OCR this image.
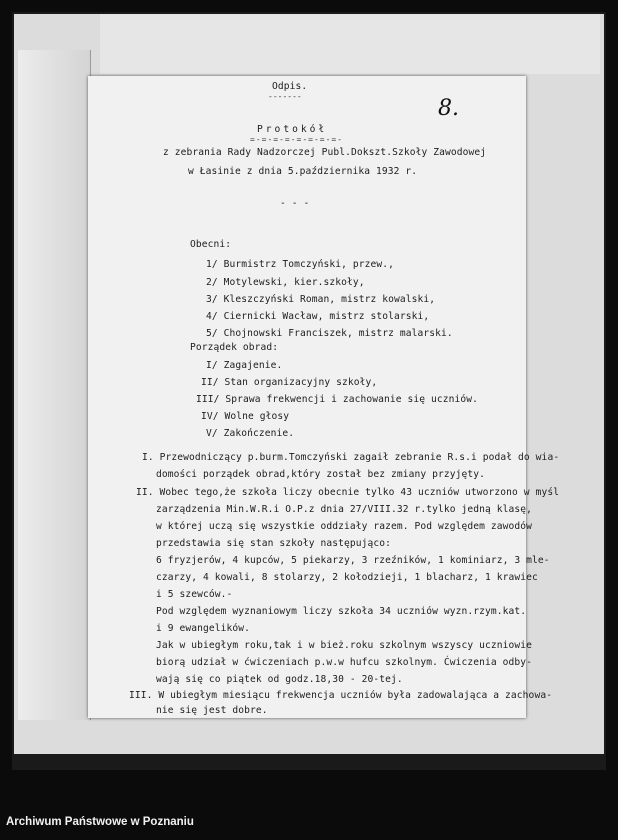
Odpis.
-------	8.
Protokół
=-=-=-=-=-=-=-=-
z zebrania Rady Nadzorczej Publ.Dokszt.Szkoły Zawodowej
w Łasinie z dnia 5.października 1932 r.
- - -
Obecni:
1/ Burmistrz Tomczyński, przew.,
2/ Motylewski, kier.szkoły,
3/ Kleszczyński Roman, mistrz kowalski,
4/ Ciernicki Wacław, mistrz stolarski,
5/ Chojnowski Franciszek, mistrz malarski.
Porządek obrad:
I/ Zagajenie.
II/ Stan organizacyjny szkoły,
III/ Sprawa frekwencji i zachowanie się uczniów.
IV/ Wolne głosy
V/ Zakończenie.
I. Przewodniczący p.burm.Tomczyński zagaił zebranie R.s.i podał do wia-
domości porządek obrad,który został bez zmiany przyjęty.
II. Wobec tego,że szkoła liczy obecnie tylko 43 uczniów utworzono w myśl
zarządzenia Min.W.R.i O.P.z dnia 27/VIII.32 r.tylko jedną klasę,
w której uczą się wszystkie oddziały razem. Pod względem zawodów
przedstawia się stan szkoły następująco:
6 fryzjerów, 4 kupców, 5 piekarzy, 3 rzeźników, 1 kominiarz, 3 mle-
czarzy, 4 kowali, 8 stolarzy, 2 kołodzieji, 1 blacharz, 1 krawiec
i 5 szewców.-
Pod względem wyznaniowym liczy szkoła 34 uczniów wyzn.rzym.kat.
i 9 ewangelików.
Jak w ubiegłym roku,tak i w bież.roku szkolnym wszyscy uczniowie
biorą udział w ćwiczeniach p.w.w hufcu szkolnym. Ćwiczenia odby-
wają się co piątek od godz.18,30 - 20-tej.
III. W ubiegłym miesiącu frekwencja uczniów była zadowalająca a zachowa-
nie się jest dobre.
Archiwum Państwowe w Poznaniu
